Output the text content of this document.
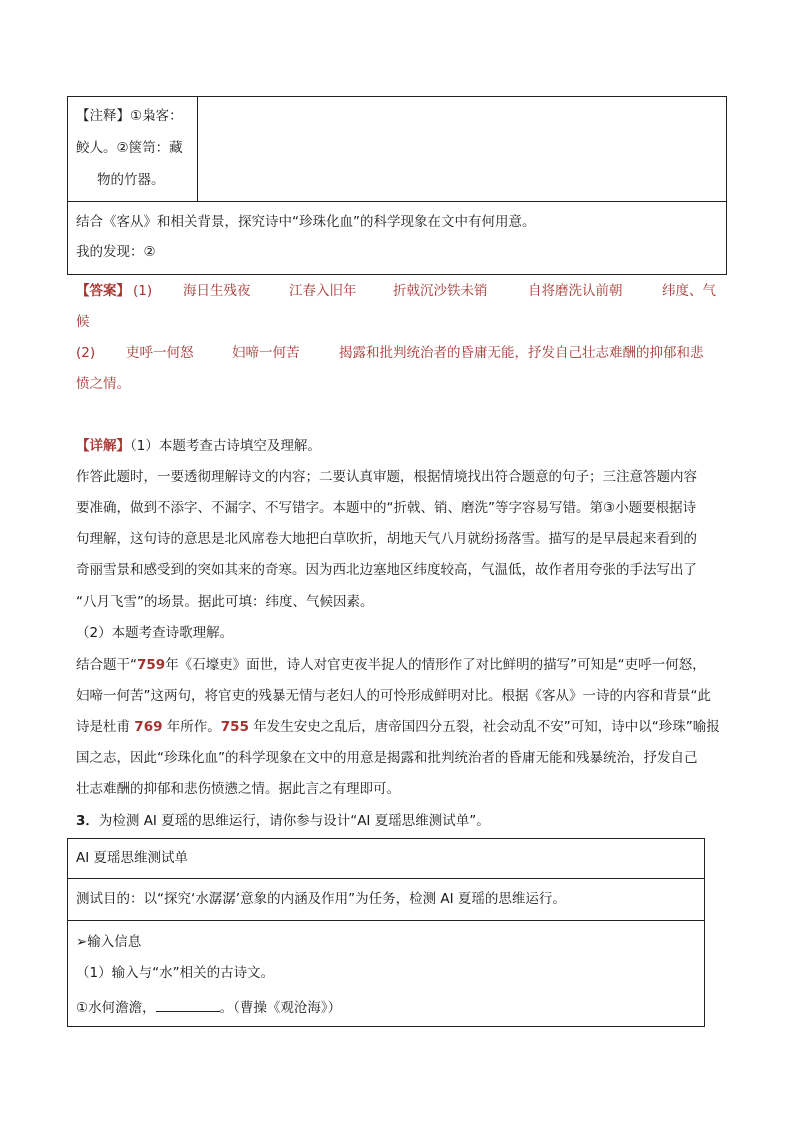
【注释】①枭客：
鲛人。②箧笥：藏
物的竹器。
结合《客从》和相关背景，探究诗中“珍珠化血”的科学现象在文中有何用意。
我的发现：②
【答案】 (1) 海日生残夜	江春入旧年	折戟沉沙铁未销	自将磨洗认前朝	纬度、气
候
(2) 吏呼一何怒	妇啼一何苦	揭露和批判统治者的昏庸无能，抒发自己壮志难酬的抑郁和悲
愤之情。
【详解】（1）本题考查古诗填空及理解。
作答此题时，一要透彻理解诗文的内容；二要认真审题，根据情境找出符合题意的句子；三注意答题内容
要准确，做到不添字、不漏字、不写错字。本题中的“折戟、销、磨洗”等字容易写错。第③小题要根据诗
句理解，这句诗的意思是北风席卷大地把白草吹折，胡地天气八月就纷扬落雪。描写的是早晨起来看到的
奇丽雪景和感受到的突如其来的奇寒。因为西北边塞地区纬度较高，气温低，故作者用夸张的手法写出了
“八月飞雪”的场景。据此可填：纬度、气候因素。
（2）本题考查诗歌理解。
结合题干“759年《石壕吏》面世，诗人对官吏夜半捉人的情形作了对比鲜明的描写”可知是“吏呼一何怒，
妇啼一何苦”这两句，将官吏的残暴无情与老妇人的可怜形成鲜明对比。根据《客从》一诗的内容和背景“此
诗是杜甫 769 年所作。755 年发生安史之乱后，唐帝国四分五裂，社会动乱不安”可知，诗中以“珍珠”喻报
国之志，因此“珍珠化血”的科学现象在文中的用意是揭露和批判统治者的昏庸无能和残暴统治，抒发自己
壮志难酬的抑郁和悲伤愤懑之情。据此言之有理即可。
3．为检测 AI 夏瑶的思维运行，请你参与设计“AI 夏瑶思维测试单”。
AI 夏瑶思维测试单
测试目的：以“探究‘水潺潺’意象的内涵及作用”为任务，检测 AI 夏瑶的思维运行。
➢输入信息
（1）输入与“水”相关的古诗文。
①水何澹澹，	。（曹操《观沧海》）
